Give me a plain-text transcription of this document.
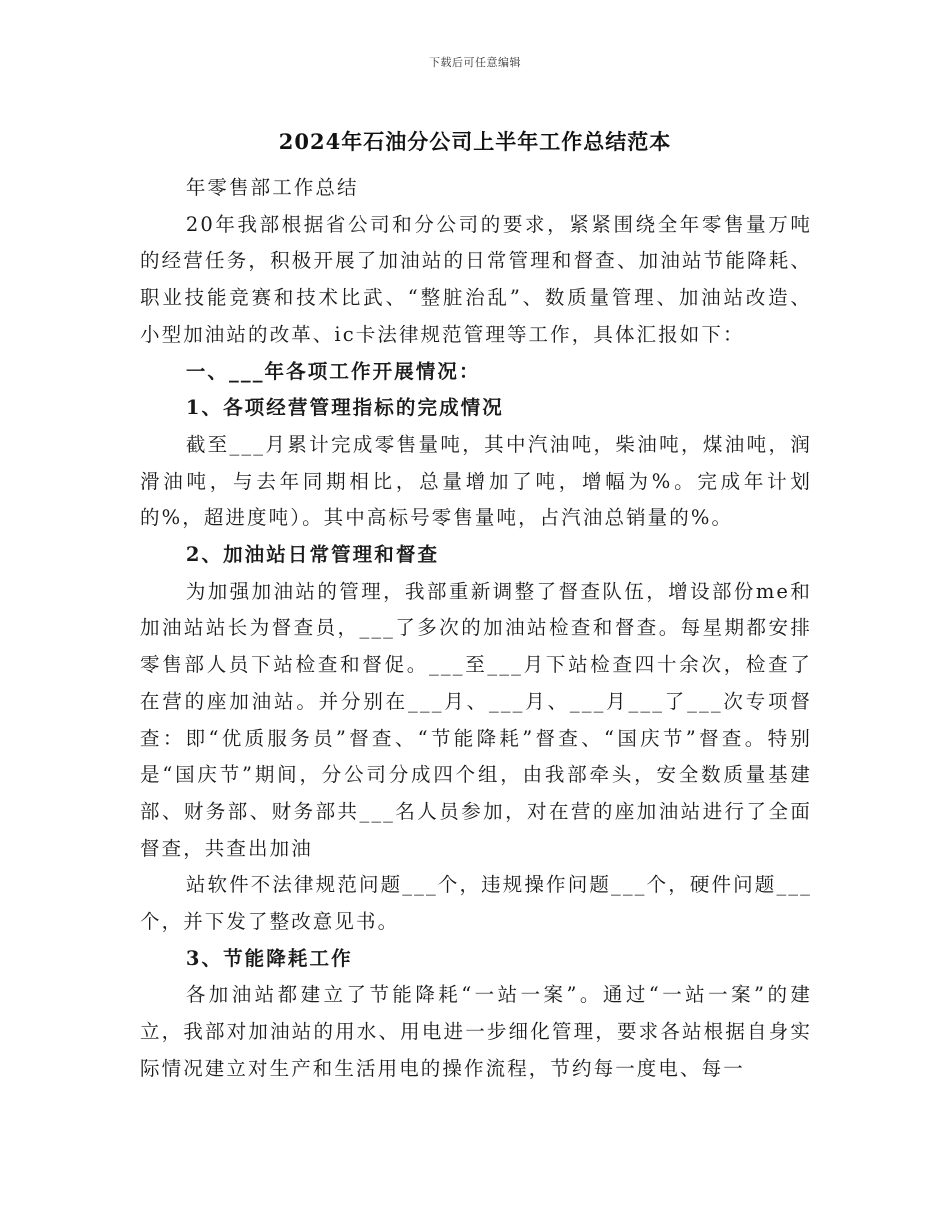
下载后可任意编辑
2024年石油分公司上半年工作总结范本

年零售部工作总结

20年我部根据省公司和分公司的要求，紧紧围绕全年零售量万吨的经营任务，积极开展了加油站的日常管理和督查、加油站节能降耗、职业技能竞赛和技术比武、“整脏治乱”、数质量管理、加油站改造、小型加油站的改革、ic卡法律规范管理等工作，具体汇报如下：

一、___年各项工作开展情况：

1、各项经营管理指标的完成情况

截至___月累计完成零售量吨，其中汽油吨，柴油吨，煤油吨，润滑油吨，与去年同期相比，总量增加了吨，增幅为%。完成年计划的%，超进度吨）。其中高标号零售量吨，占汽油总销量的%。

2、加油站日常管理和督查

为加强加油站的管理，我部重新调整了督查队伍，增设部份me和加油站站长为督查员，___了多次的加油站检查和督查。每星期都安排零售部人员下站检查和督促。___至___月下站检查四十余次，检查了在营的座加油站。并分别在___月、___月、___月___了___次专项督查：即“优质服务员”督查、“节能降耗”督查、“国庆节”督查。特别是“国庆节”期间，分公司分成四个组，由我部牵头，安全数质量基建部、财务部、财务部共___名人员参加，对在营的座加油站进行了全面督查，共查出加油

站软件不法律规范问题___个，违规操作问题___个，硬件问题___个，并下发了整改意见书。

3、节能降耗工作

各加油站都建立了节能降耗“一站一案”。通过“一站一案”的建立，我部对加油站的用水、用电进一步细化管理，要求各站根据自身实际情况建立对生产和生活用电的操作流程，节约每一度电、每一
